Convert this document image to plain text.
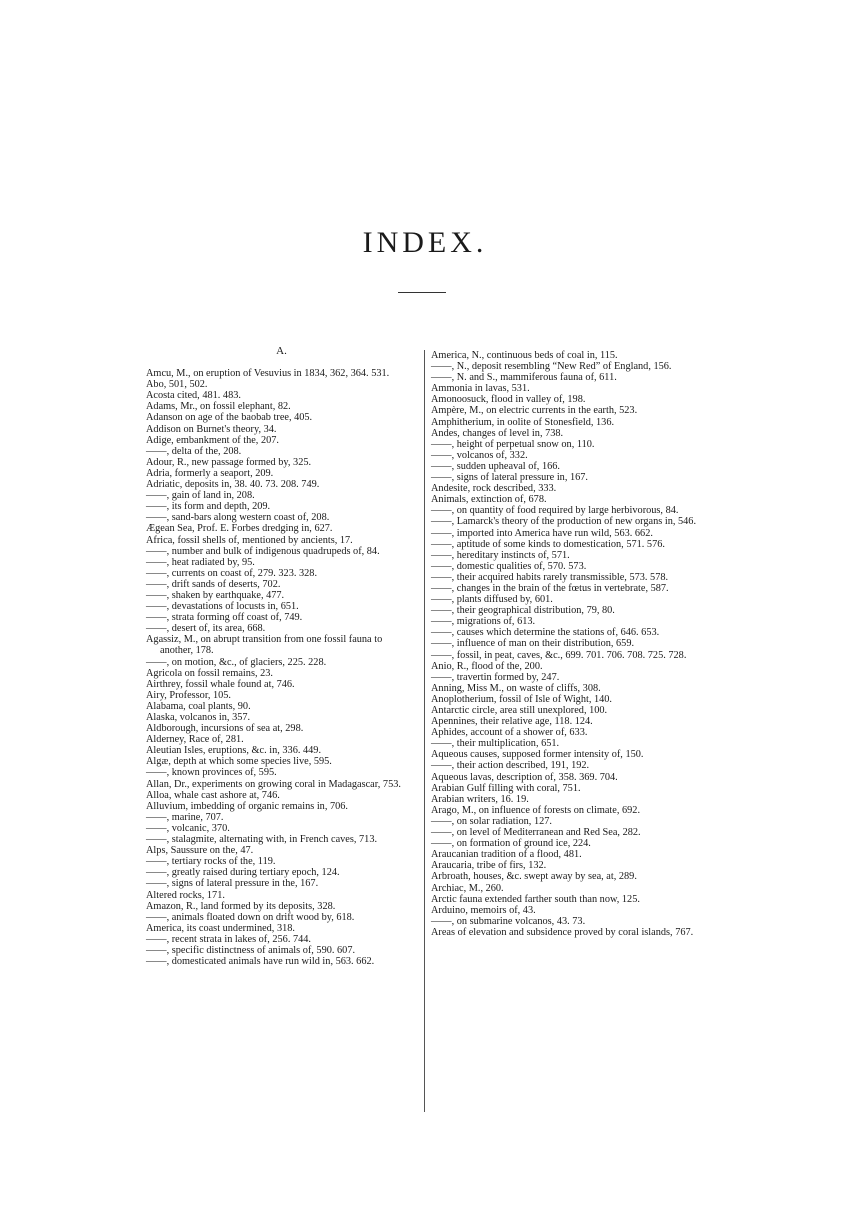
INDEX.
A.

Amcu, M., on eruption of Vesuvius in 1834, 362, 364. 531.

Abo, 501, 502.

Acosta cited, 481. 483.

Adams, Mr., on fossil elephant, 82.

Adanson on age of the baobab tree, 405.

Addison on Burnet's theory, 34.

Adige, embankment of the, 207.

——, delta of the, 208.

Adour, R., new passage formed by, 325.

Adria, formerly a seaport, 209.

Adriatic, deposits in, 38. 40. 73. 208. 749.

——, gain of land in, 208.

——, its form and depth, 209.

——, sand-bars along western coast of, 208.

Ægean Sea, Prof. E. Forbes dredging in, 627.

Africa, fossil shells of, mentioned by ancients, 17.

——, number and bulk of indigenous quadrupeds of, 84.

——, heat radiated by, 95.

——, currents on coast of, 279. 323. 328.

——, drift sands of deserts, 702.

——, shaken by earthquake, 477.

——, devastations of locusts in, 651.

——, strata forming off coast of, 749.

——, desert of, its area, 668.

Agassiz, M., on abrupt transition from one fossil fauna to another, 178.

——, on motion, &c., of glaciers, 225. 228.

Agricola on fossil remains, 23.

Airthrey, fossil whale found at, 746.

Airy, Professor, 105.

Alabama, coal plants, 90.

Alaska, volcanos in, 357.

Aldborough, incursions of sea at, 298.

Alderney, Race of, 281.

Aleutian Isles, eruptions, &c. in, 336. 449.

Algæ, depth at which some species live, 595.

——, known provinces of, 595.

Allan, Dr., experiments on growing coral in Madagascar, 753.

Alloa, whale cast ashore at, 746.

Alluvium, imbedding of organic remains in, 706.

——, marine, 707.

——, volcanic, 370.

——, stalagmite, alternating with, in French caves, 713.

Alps, Saussure on the, 47.

——, tertiary rocks of the, 119.

——, greatly raised during tertiary epoch, 124.

——, signs of lateral pressure in the, 167.

Altered rocks, 171.

Amazon, R., land formed by its deposits, 328.

——, animals floated down on drift wood by, 618.

America, its coast undermined, 318.

——, recent strata in lakes of, 256. 744.

——, specific distinctness of animals of, 590. 607.

——, domesticated animals have run wild in, 563. 662.

America, N., continuous beds of coal in, 115.

——, N., deposit resembling “New Red” of England, 156.

——, N. and S., mammiferous fauna of, 611.

Ammonia in lavas, 531.

Amonoosuck, flood in valley of, 198.

Ampère, M., on electric currents in the earth, 523.

Amphitherium, in oolite of Stonesfield, 136.

Andes, changes of level in, 738.

——, height of perpetual snow on, 110.

——, volcanos of, 332.

——, sudden upheaval of, 166.

——, signs of lateral pressure in, 167.

Andesite, rock described, 333.

Animals, extinction of, 678.

——, on quantity of food required by large herbivorous, 84.

——, Lamarck's theory of the production of new organs in, 546.

——, imported into America have run wild, 563. 662.

——, aptitude of some kinds to domestication, 571. 576.

——, hereditary instincts of, 571.

——, domestic qualities of, 570. 573.

——, their acquired habits rarely transmissible, 573. 578.

——, changes in the brain of the fœtus in vertebrate, 587.

——, plants diffused by, 601.

——, their geographical distribution, 79, 80.

——, migrations of, 613.

——, causes which determine the stations of, 646. 653.

——, influence of man on their distribution, 659.

——, fossil, in peat, caves, &c., 699. 701. 706. 708. 725. 728.

Anio, R., flood of the, 200.

——, travertin formed by, 247.

Anning, Miss M., on waste of cliffs, 308.

Anoplotherium, fossil of Isle of Wight, 140.

Antarctic circle, area still unexplored, 100.

Apennines, their relative age, 118. 124.

Aphides, account of a shower of, 633.

——, their multiplication, 651.

Aqueous causes, supposed former intensity of, 150.

——, their action described, 191, 192.

Aqueous lavas, description of, 358. 369. 704.

Arabian Gulf filling with coral, 751.

Arabian writers, 16. 19.

Arago, M., on influence of forests on climate, 692.

——, on solar radiation, 127.

——, on level of Mediterranean and Red Sea, 282.

——, on formation of ground ice, 224.

Araucanian tradition of a flood, 481.

Araucaria, tribe of firs, 132.

Arbroath, houses, &c. swept away by sea, at, 289.

Archiac, M., 260.

Arctic fauna extended farther south than now, 125.

Arduino, memoirs of, 43.

——, on submarine volcanos, 43. 73.

Areas of elevation and subsidence proved by coral islands, 767.
